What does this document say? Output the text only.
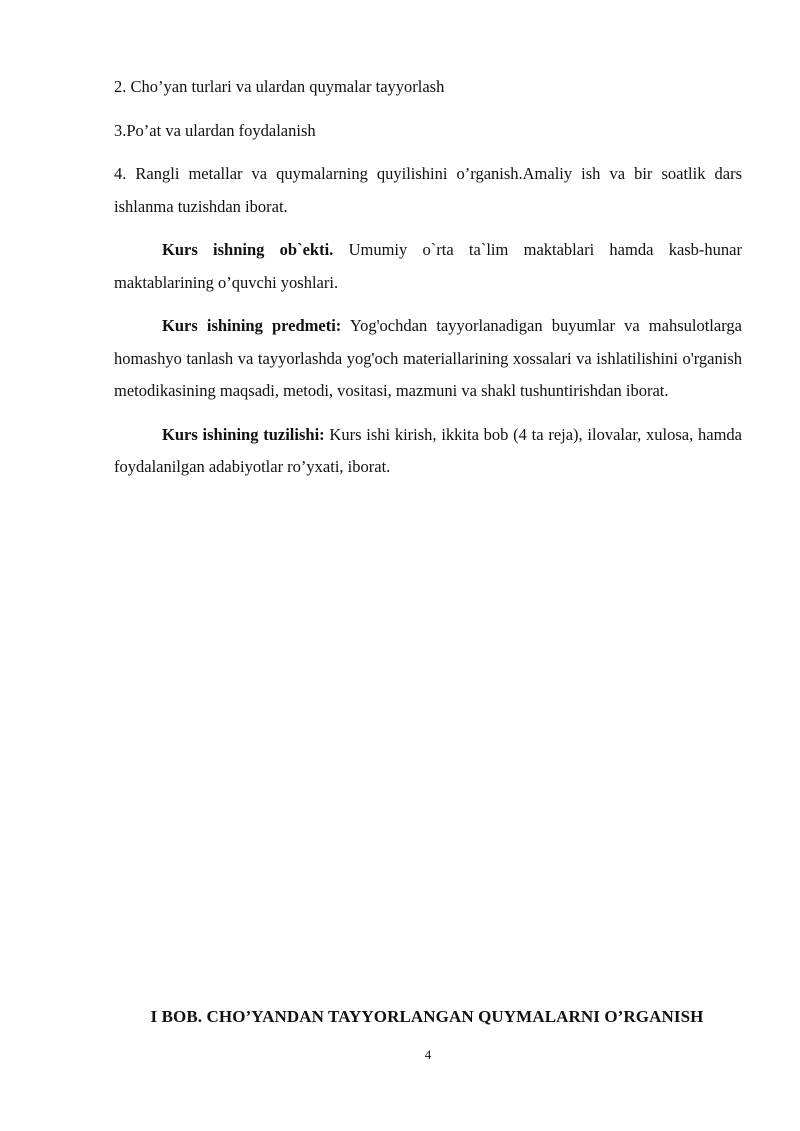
2. Cho’yan turlari va ulardan quymalar tayyorlash

3.Po’at va ulardan foydalanish

4. Rangli metallar va quymalarning quyilishini o’rganish.Amaliy ish va bir soatlik dars ishlanma tuzishdan iborat.

Kurs ishning ob`ekti. Umumiy o`rta ta`lim maktablari hamda kasb-hunar maktablarining o’quvchi yoshlari.

Kurs ishining predmeti: Yog'ochdan tayyorlanadigan buyumlar va mahsulotlarga homashyo tanlash va tayyorlashda yog'och materiallarining xossalari va ishlatilishini o'rganish metodikasining maqsadi, metodi, vositasi, mazmuni va shakl tushuntirishdan iborat.

Kurs ishining tuzilishi: Kurs ishi kirish, ikkita bob (4 ta reja), ilovalar, xulosa, hamda foydalanilgan adabiyotlar ro’yxati, iborat.

I BOB. CHO’YANDAN TAYYORLANGAN QUYMALARNI O’RGANISH
4
